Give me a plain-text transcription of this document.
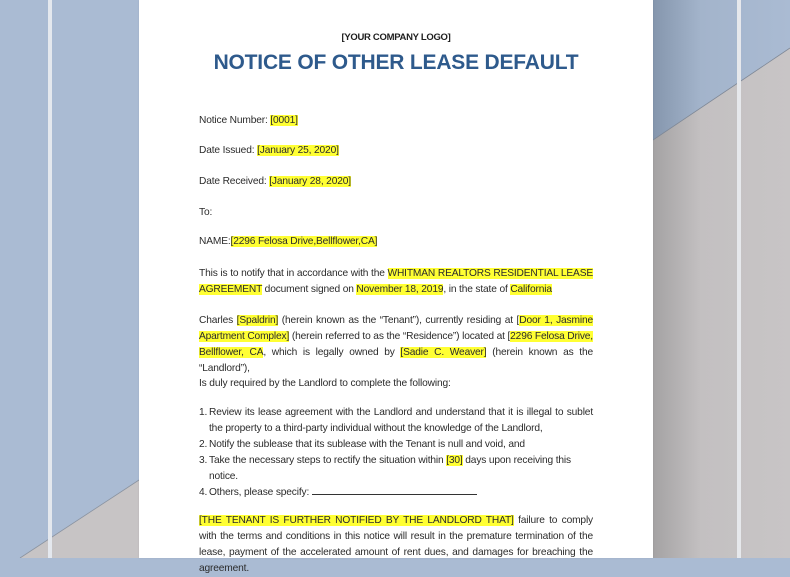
[YOUR COMPANY LOGO]
NOTICE OF OTHER LEASE DEFAULT
Notice Number: [0001]
Date Issued: [January 25, 2020]
Date Received: [January 28, 2020]
To:
NAME:[2296 Felosa Drive,Bellflower,CA]
This is to notify that in accordance with the WHITMAN REALTORS RESIDENTIAL LEASE AGREEMENT document signed on November 18, 2019, in the state of California
Charles [Spaldrin] (herein known as the “Tenant”), currently residing at [Door 1, Jasmine Apartment Complex] (herein referred to as the “Residence”) located at [2296 Felosa Drive, Bellflower, CA, which is legally owned by [Sadie C. Weaver] (herein known as the “Landlord”),
Is duly required by the Landlord to complete the following:
1. Review its lease agreement with the Landlord and understand that it is illegal to sublet the property to a third-party individual without the knowledge of the Landlord,
2. Notify the sublease that its sublease with the Tenant is null and void, and
3. Take the necessary steps to rectify the situation within [30] days upon receiving this notice.
4. Others, please specify:
[THE TENANT IS FURTHER NOTIFIED BY THE LANDLORD THAT] failure to comply with the terms and conditions in this notice will result in the premature termination of the lease, payment of the accelerated amount of rent dues, and damages for breaching the agreement.
